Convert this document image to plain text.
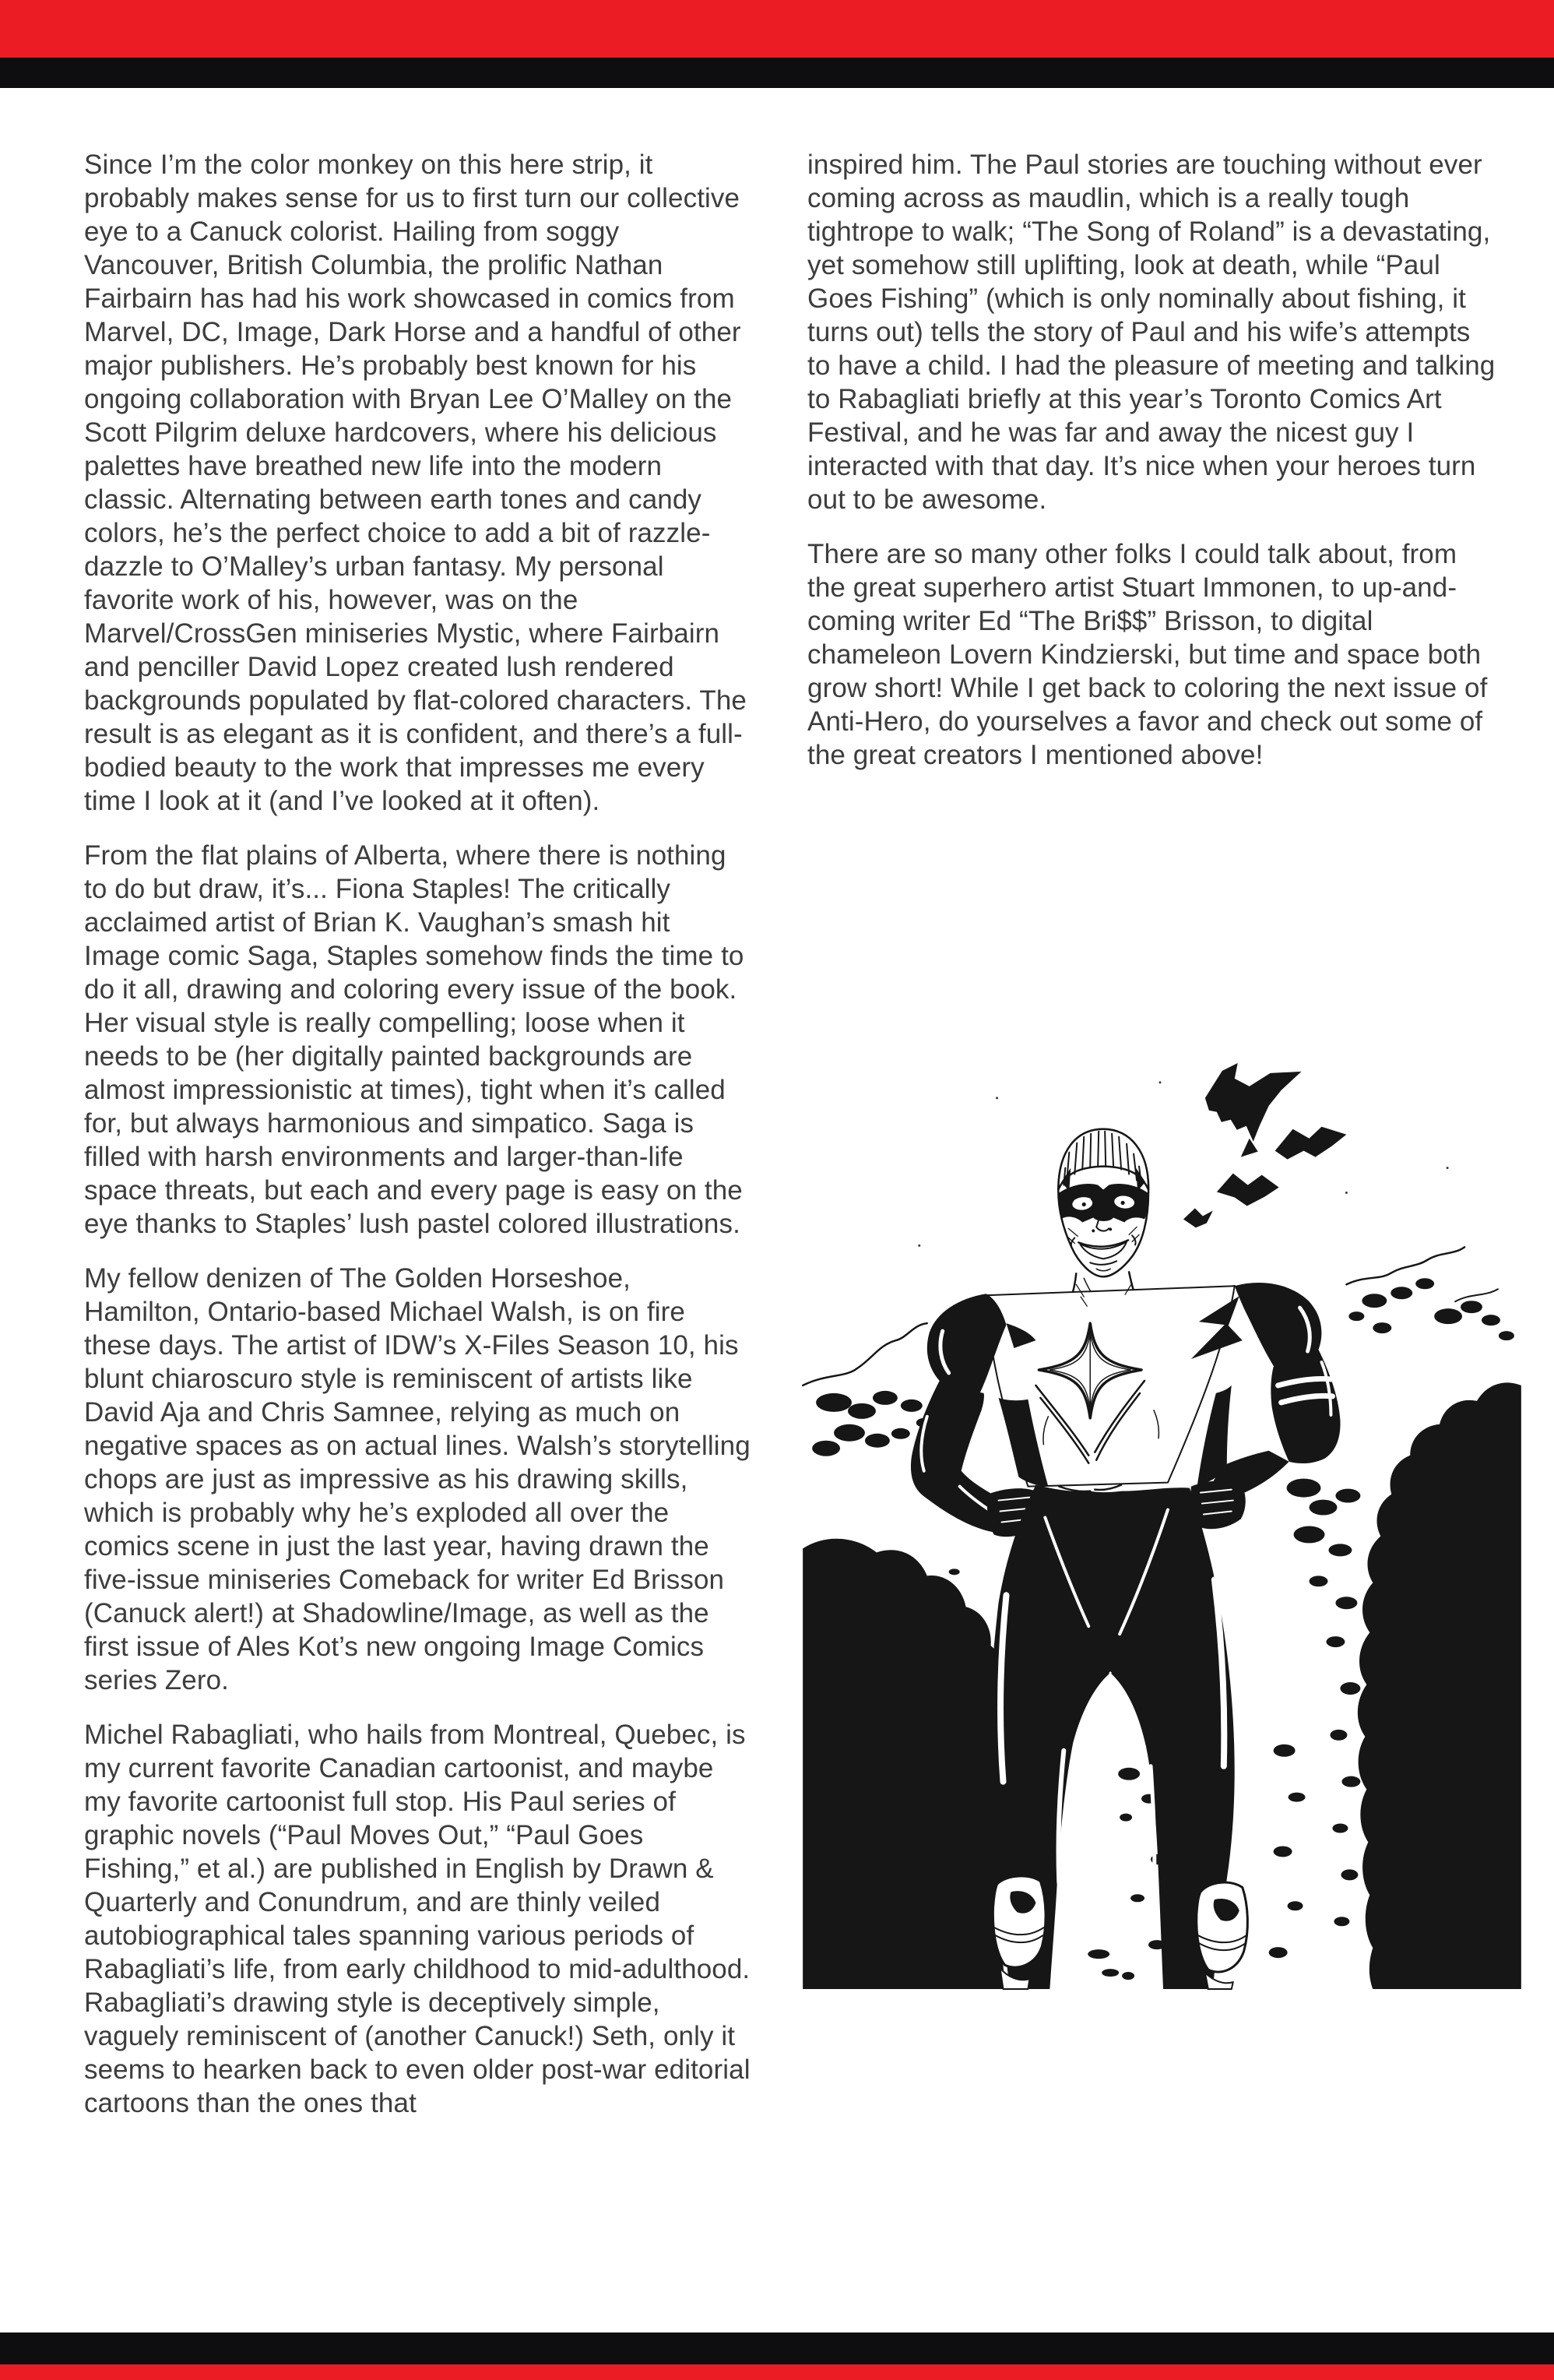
Since I’m the color monkey on this here strip, it probably makes sense for us to first turn our collective eye to a Canuck colorist. Hailing from soggy Vancouver, British Columbia, the prolific Nathan Fairbairn has had his work showcased in comics from Marvel, DC, Image, Dark Horse and a handful of other major publishers. He’s probably best known for his ongoing collaboration with Bryan Lee O’Malley on the Scott Pilgrim deluxe hardcovers, where his delicious palettes have breathed new life into the modern classic. Alternating between earth tones and candy colors, he’s the perfect choice to add a bit of razzle-dazzle to O’Malley’s urban fantasy. My personal favorite work of his, however, was on the Marvel/CrossGen miniseries Mystic, where Fairbairn and penciller David Lopez created lush rendered backgrounds populated by flat-colored characters. The result is as elegant as it is confident, and there’s a full-bodied beauty to the work that impresses me every time I look at it (and I’ve looked at it often).

From the flat plains of Alberta, where there is nothing to do but draw, it’s... Fiona Staples! The critically acclaimed artist of Brian K. Vaughan’s smash hit Image comic Saga, Staples somehow finds the time to do it all, drawing and coloring every issue of the book. Her visual style is really compelling; loose when it needs to be (her digitally painted backgrounds are almost impressionistic at times), tight when it’s called for, but always harmonious and simpatico. Saga is filled with harsh environments and larger-than-life space threats, but each and every page is easy on the eye thanks to Staples’ lush pastel colored illustrations.

My fellow denizen of The Golden Horseshoe, Hamilton, Ontario-based Michael Walsh, is on fire these days. The artist of IDW’s X-Files Season 10, his blunt chiaroscuro style is reminiscent of artists like David Aja and Chris Samnee, relying as much on negative spaces as on actual lines. Walsh’s storytelling chops are just as impressive as his drawing skills, which is probably why he’s exploded all over the comics scene in just the last year, having drawn the five-issue miniseries Comeback for writer Ed Brisson (Canuck alert!) at Shadowline/Image, as well as the first issue of Ales Kot’s new ongoing Image Comics series Zero.

Michel Rabagliati, who hails from Montreal, Quebec, is my current favorite Canadian cartoonist, and maybe my favorite cartoonist full stop. His Paul series of graphic novels (“Paul Moves Out,” “Paul Goes Fishing,” et al.) are published in English by Drawn & Quarterly and Conundrum, and are thinly veiled autobiographical tales spanning various periods of Rabagliati’s life, from early childhood to mid-adulthood. Rabagliati’s drawing style is deceptively simple, vaguely reminiscent of (another Canuck!) Seth, only it seems to hearken back to even older post-war editorial cartoons than the ones that

inspired him. The Paul stories are touching without ever coming across as maudlin, which is a really tough tightrope to walk; “The Song of Roland” is a devastating, yet somehow still uplifting, look at death, while “Paul Goes Fishing” (which is only nominally about fishing, it turns out) tells the story of Paul and his wife’s attempts to have a child. I had the pleasure of meeting and talking to Rabagliati briefly at this year’s Toronto Comics Art Festival, and he was far and away the nicest guy I interacted with that day. It’s nice when your heroes turn out to be awesome.

There are so many other folks I could talk about, from the great superhero artist Stuart Immonen, to up-and-coming writer Ed “The Bri$$” Brisson, to digital chameleon Lovern Kindzierski, but time and space both grow short! While I get back to coloring the next issue of Anti-Hero, do yourselves a favor and check out some of the great creators I mentioned above!
